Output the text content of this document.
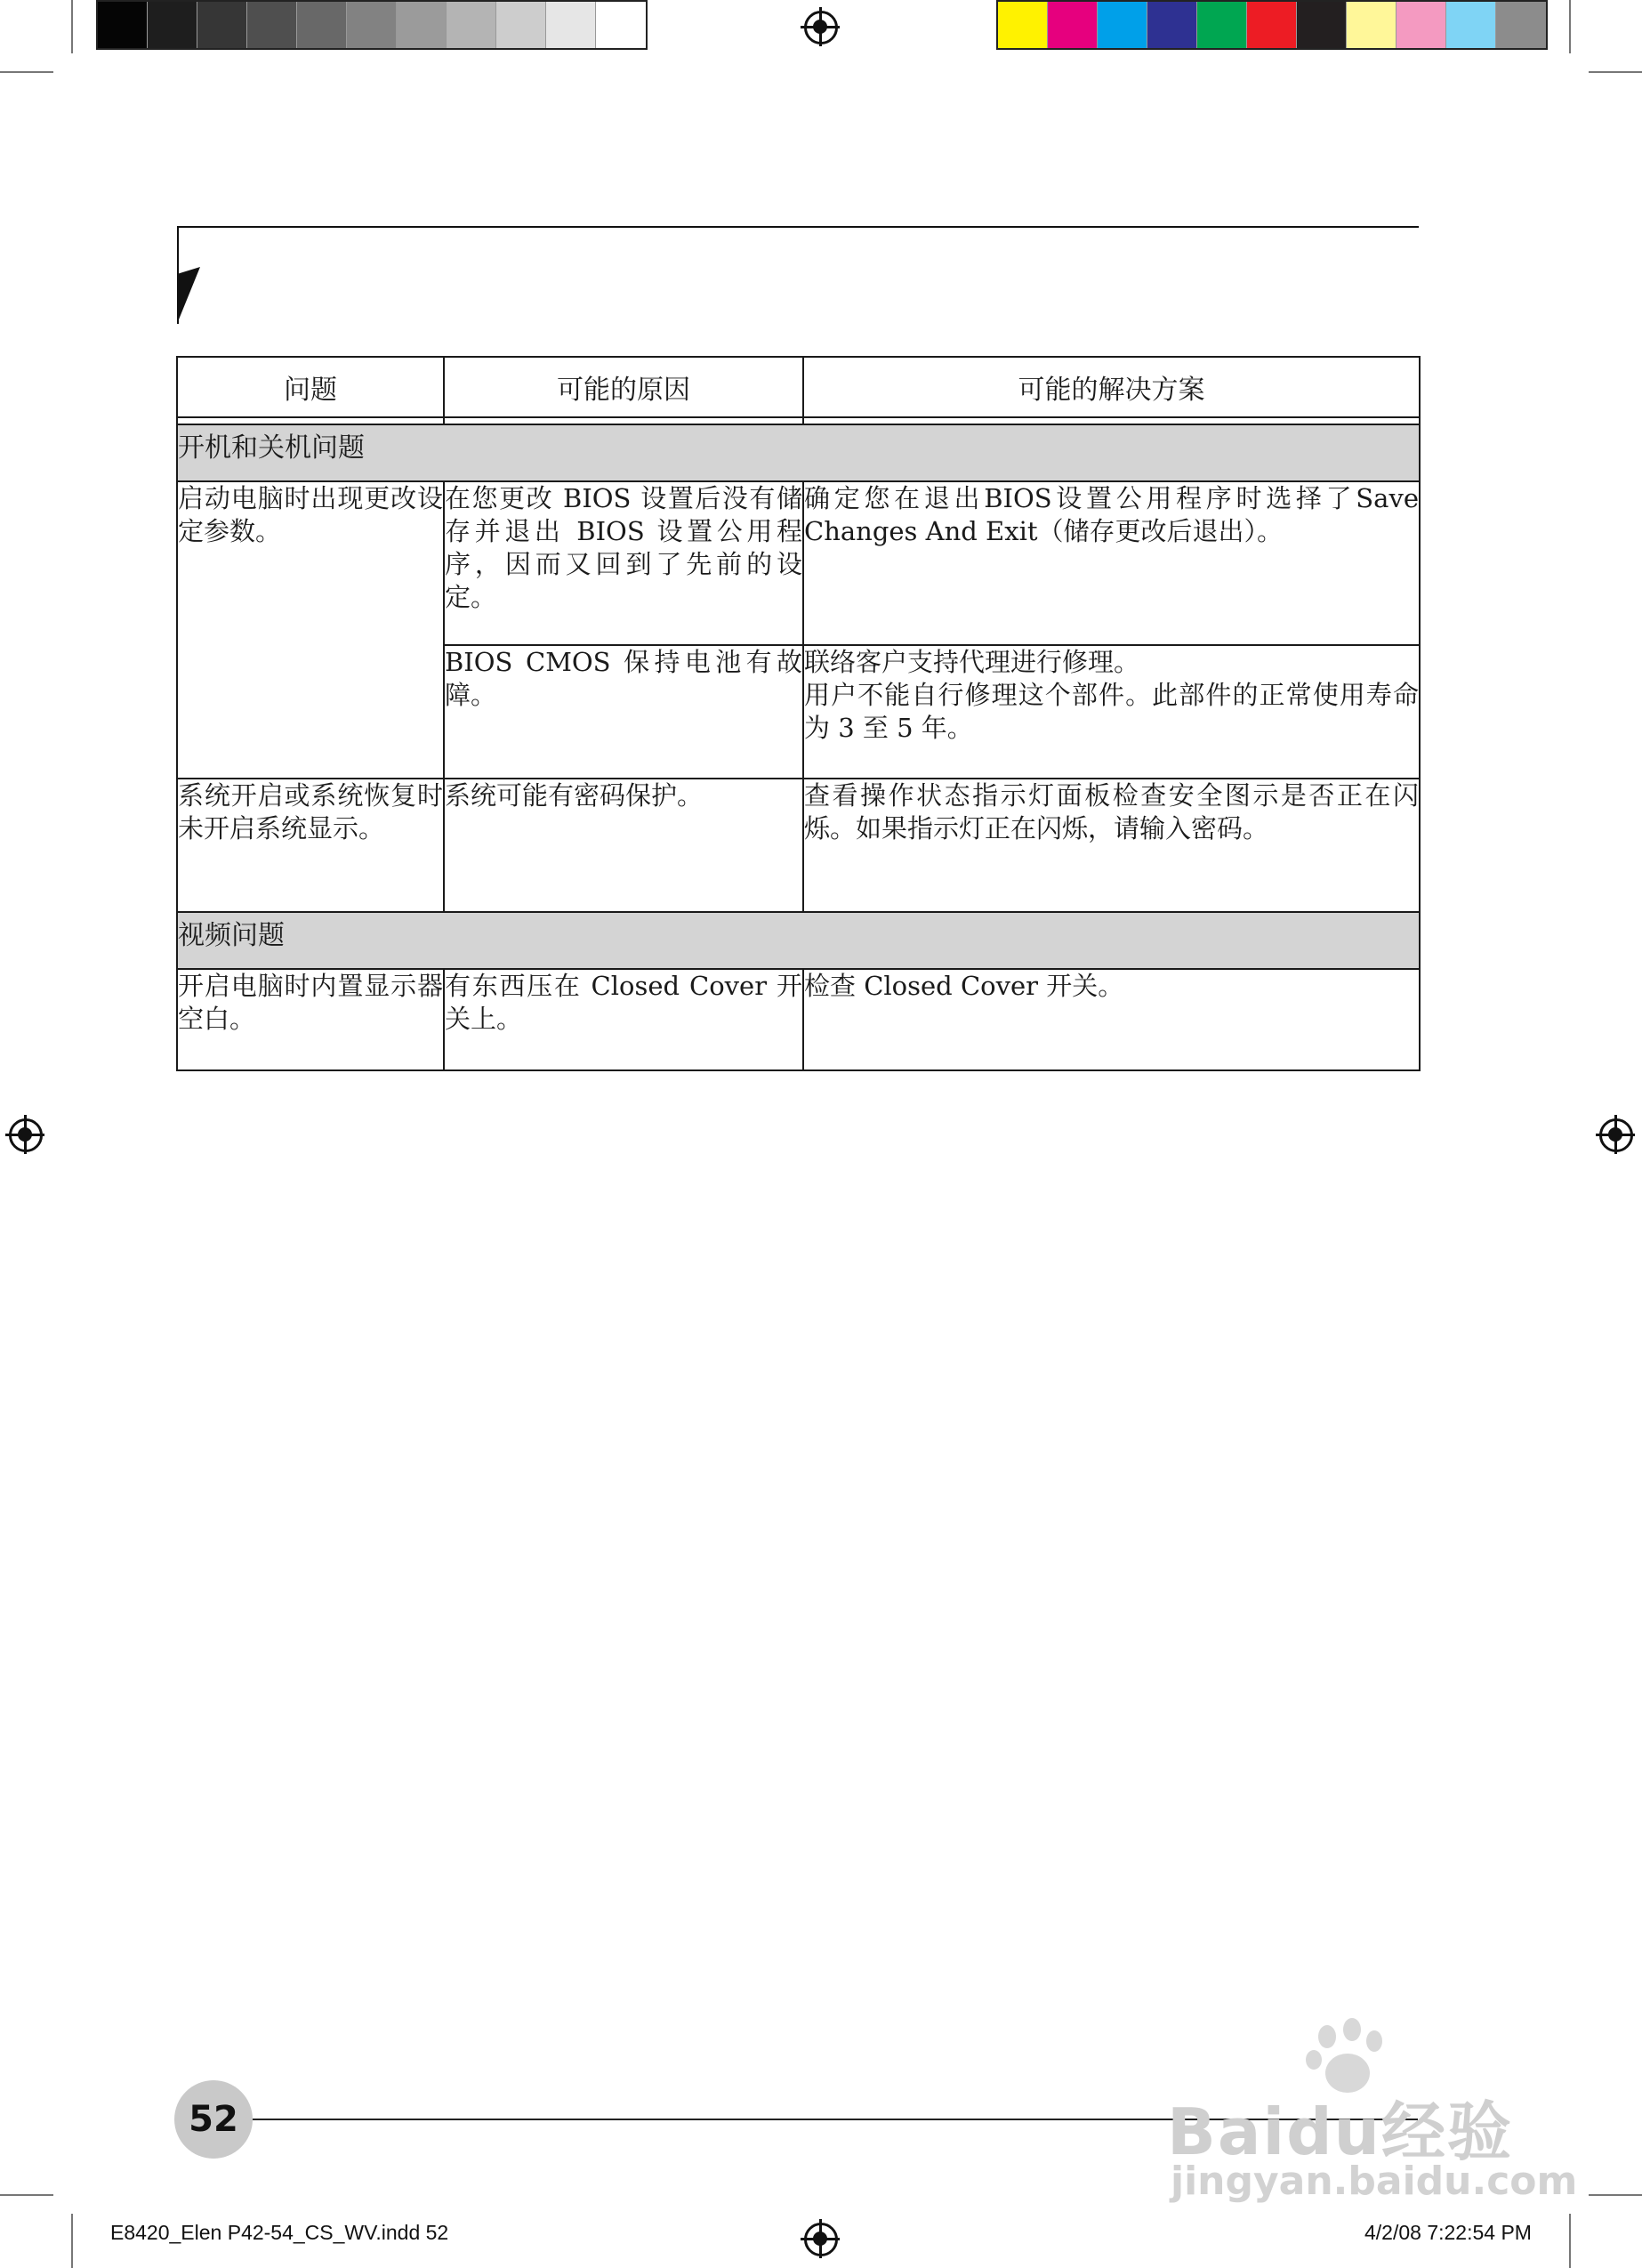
问题	可能的原因	可能的解决方案

开机和关机问题		
启动电脑时出现更改设定参数。	在您更改 BIOS 设置后没有储存并退出 BIOS 设置公用程序，因而又回到了先前的设定。	确定您在退出BIOS设置公用程序时选择了Save Changes And Exit（储存更改后退出）。
	BIOS CMOS 保持电池有故障。	联络客户支持代理进行修理。
用户不能自行修理这个部件。此部件的正常使用寿命为 3 至 5 年。
系统开启或系统恢复时未开启系统显示。	系统可能有密码保护。	查看操作状态指示灯面板检查安全图示是否正在闪烁。如果指示灯正在闪烁，请输入密码。
视频问题		
开启电脑时内置显示器空白。	有东西压在 Closed Cover 开关上。	检查 Closed Cover 开关。
52
E8420_Elen P42-54_CS_WV.indd 52	4/2/08 7:22:54 PM
Baidu经验
jingyan.baidu.com
